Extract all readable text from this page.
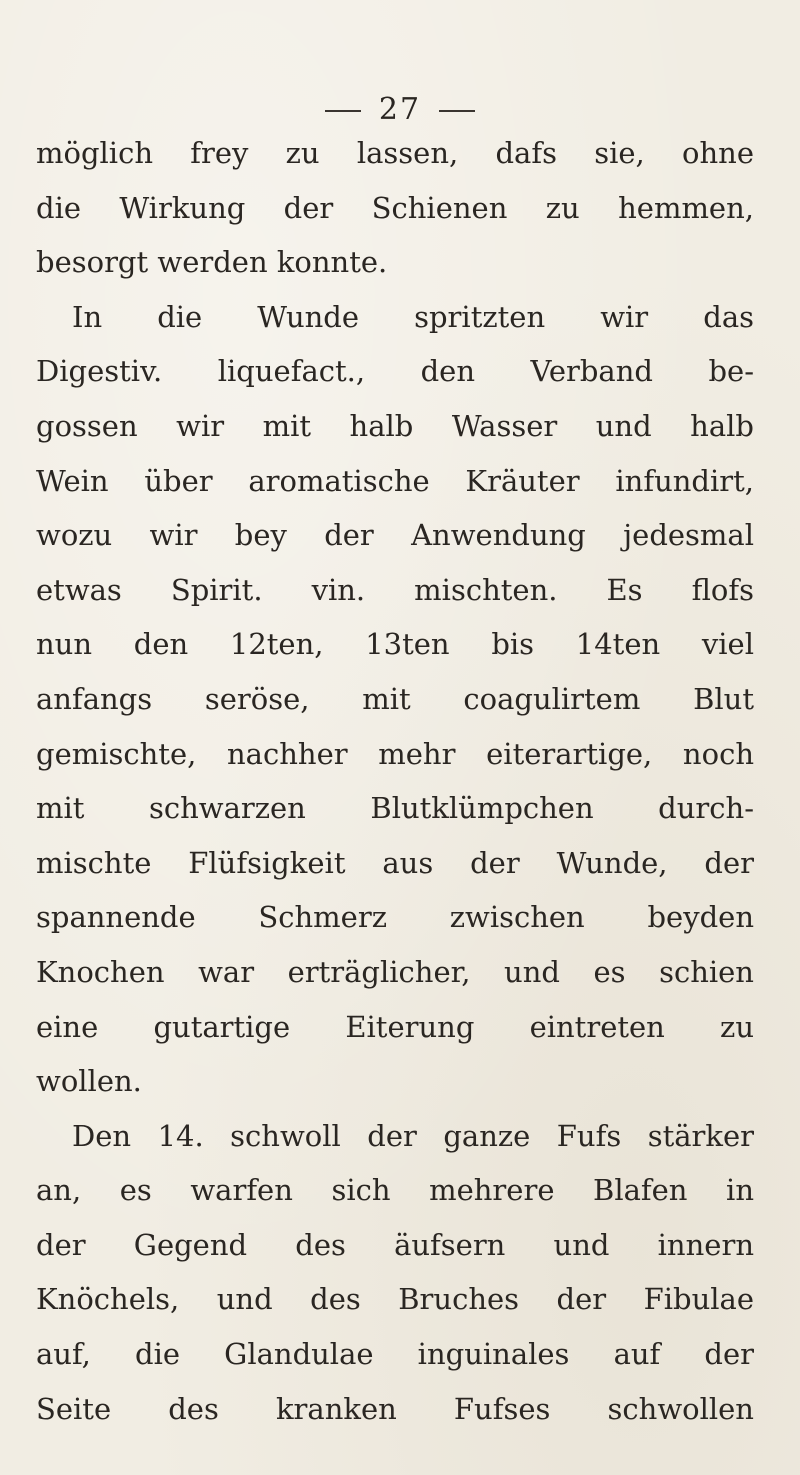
27
möglich frey zu lassen, dafs sie, ohne
die Wirkung der Schienen zu hemmen,
besorgt werden konnte.
In die Wunde spritzten wir das
Digestiv. liquefact., den Verband be-
gossen wir mit halb Wasser und halb
Wein über aromatische Kräuter infundirt,
wozu wir bey der Anwendung jedesmal
etwas Spirit. vin. mischten. Es flofs
nun den 12ten, 13ten bis 14ten viel
anfangs seröse, mit coagulirtem Blut
gemischte, nachher mehr eiterartige, noch
mit schwarzen Blutklümpchen durch-
mischte Flüfsigkeit aus der Wunde, der
spannende Schmerz zwischen beyden
Knochen war erträglicher, und es schien
eine gutartige Eiterung eintreten zu
wollen.
Den 14. schwoll der ganze Fufs stärker
an, es warfen sich mehrere Blafen in
der Gegend des äufsern und innern
Knöchels, und des Bruches der Fibulae
auf, die Glandulae inguinales auf der
Seite des kranken Fufses schwollen
